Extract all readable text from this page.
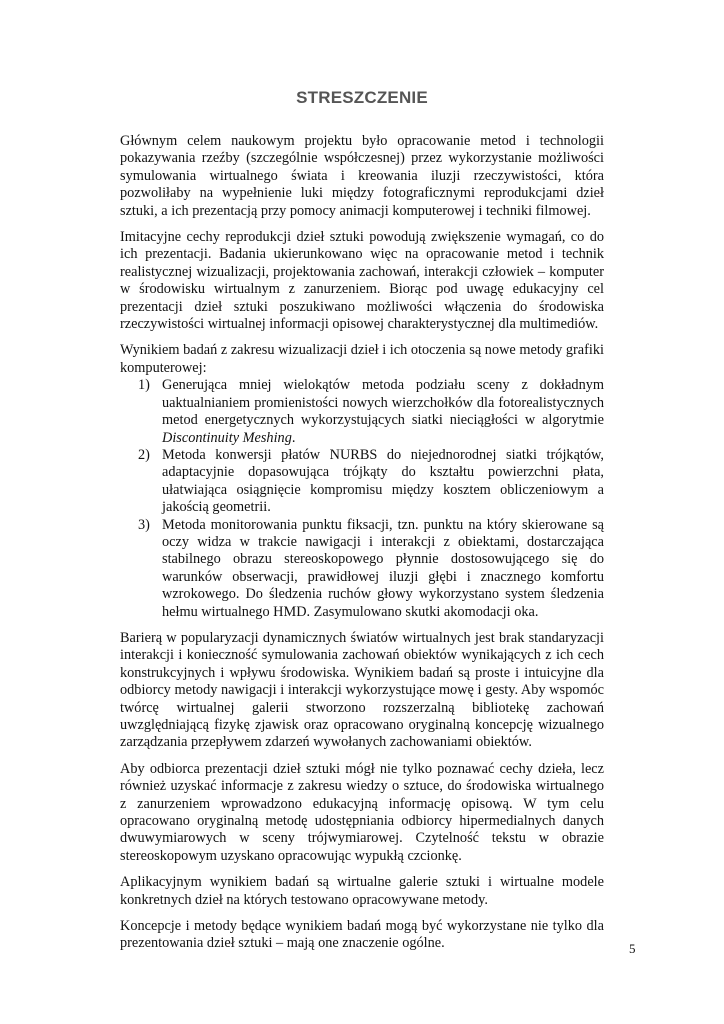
STRESZCZENIE

Głównym celem naukowym projektu było opracowanie metod i technologii pokazywania rzeźby (szczególnie współczesnej) przez wykorzystanie możliwości symulowania wirtualnego świata i kreowania iluzji rzeczywistości, która pozwoliłaby na wypełnienie luki między fotograficznymi reprodukcjami dzieł sztuki, a ich prezentacją przy pomocy animacji komputerowej i techniki filmowej.

Imitacyjne cechy reprodukcji dzieł sztuki powodują zwiększenie wymagań, co do ich prezentacji. Badania ukierunkowano więc na opracowanie metod i technik realistycznej wizualizacji, projektowania zachowań, interakcji człowiek – komputer w środowisku wirtualnym z zanurzeniem. Biorąc pod uwagę edukacyjny cel prezentacji dzieł sztuki poszukiwano możliwości włączenia do środowiska rzeczywistości wirtualnej informacji opisowej charakterystycznej dla multimediów.

Wynikiem badań z zakresu wizualizacji dzieł i ich otoczenia są nowe metody grafiki komputerowej:

1) Generująca mniej wielokątów metoda podziału sceny z dokładnym uaktualnianiem promienistości nowych wierzchołków dla fotorealistycznych metod energetycznych wykorzystujących siatki nieciągłości w algorytmie Discontinuity Meshing.
2) Metoda konwersji płatów NURBS do niejednorodnej siatki trójkątów, adaptacyjnie dopasowująca trójkąty do kształtu powierzchni płata, ułatwiająca osiągnięcie kompromisu między kosztem obliczeniowym a jakością geometrii.
3) Metoda monitorowania punktu fiksacji, tzn. punktu na który skierowane są oczy widza w trakcie nawigacji i interakcji z obiektami, dostarczająca stabilnego obrazu stereoskopowego płynnie dostosowującego się do warunków obserwacji, prawidłowej iluzji głębi i znacznego komfortu wzrokowego. Do śledzenia ruchów głowy wykorzystano system śledzenia hełmu wirtualnego HMD. Zasymulowano skutki akomodacji oka.

Barierą w popularyzacji dynamicznych światów wirtualnych jest brak standaryzacji interakcji i konieczność symulowania zachowań obiektów wynikających z ich cech konstrukcyjnych i wpływu środowiska. Wynikiem badań są proste i intuicyjne dla odbiorcy metody nawigacji i interakcji wykorzystujące mowę i gesty. Aby wspomóc twórcę wirtualnej galerii stworzono rozszerzalną bibliotekę zachowań uwzględniającą fizykę zjawisk oraz opracowano oryginalną koncepcję wizualnego zarządzania przepływem zdarzeń wywołanych zachowaniami obiektów.

Aby odbiorca prezentacji dzieł sztuki mógł nie tylko poznawać cechy dzieła, lecz również uzyskać informacje z zakresu wiedzy o sztuce, do środowiska wirtualnego z zanurzeniem wprowadzono edukacyjną informację opisową. W tym celu opracowano oryginalną metodę udostępniania odbiorcy hipermedialnych danych dwuwymiarowych w sceny trójwymiarowej. Czytelność tekstu w obrazie stereoskopowym uzyskano opracowując wypukłą czcionkę.

Aplikacyjnym wynikiem badań są wirtualne galerie sztuki i wirtualne modele konkretnych dzieł na których testowano opracowywane metody.

Koncepcje i metody będące wynikiem badań mogą być wykorzystane nie tylko dla prezentowania dzieł sztuki – mają one znaczenie ogólne.	5
